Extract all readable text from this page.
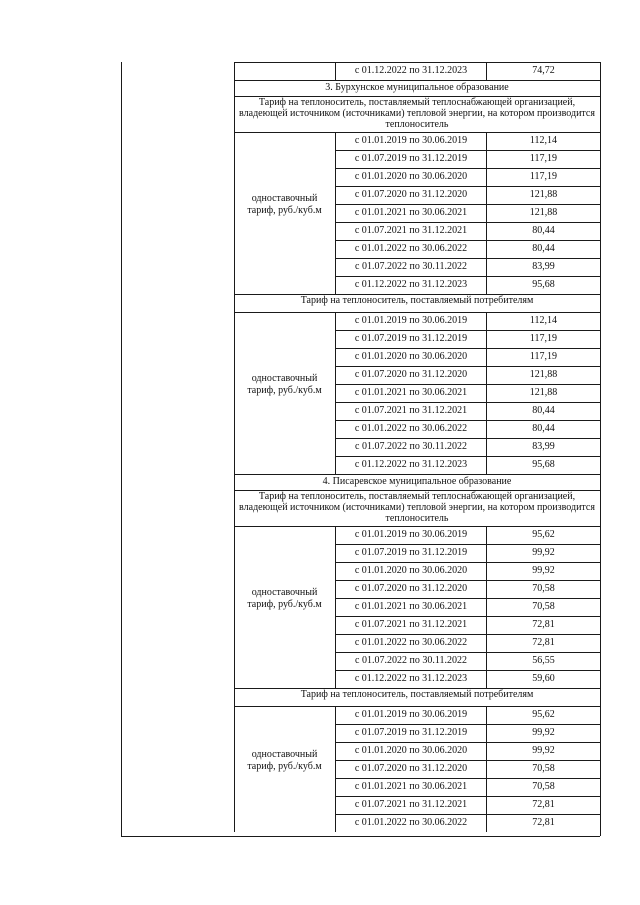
с 01.12.2022 по 31.12.2023	74,72
3. Бурхунское муниципальное образование
Тариф на теплоноситель, поставляемый теплоснабжающей организацией, владеющей источником (источниками) тепловой энергии, на котором производится теплоноситель
с 01.01.2019 по 30.06.2019	112,14
с 01.07.2019 по 31.12.2019	117,19
с 01.01.2020 по 30.06.2020	117,19
с 01.07.2020 по 31.12.2020	121,88
с 01.01.2021 по 30.06.2021	121,88
с 01.07.2021 по 31.12.2021	80,44
с 01.01.2022 по 30.06.2022	80,44
с 01.07.2022 по 30.11.2022	83,99
с 01.12.2022 по 31.12.2023	95,68
одноставочный тариф, руб./куб.м
Тариф на теплоноситель, поставляемый потребителям
с 01.01.2019 по 30.06.2019	112,14
с 01.07.2019 по 31.12.2019	117,19
с 01.01.2020 по 30.06.2020	117,19
с 01.07.2020 по 31.12.2020	121,88
с 01.01.2021 по 30.06.2021	121,88
с 01.07.2021 по 31.12.2021	80,44
с 01.01.2022 по 30.06.2022	80,44
с 01.07.2022 по 30.11.2022	83,99
с 01.12.2022 по 31.12.2023	95,68
одноставочный тариф, руб./куб.м
4. Писаревское муниципальное образование
Тариф на теплоноситель, поставляемый теплоснабжающей организацией, владеющей источником (источниками) тепловой энергии, на котором производится теплоноситель
с 01.01.2019 по 30.06.2019	95,62
с 01.07.2019 по 31.12.2019	99,92
с 01.01.2020 по 30.06.2020	99,92
с 01.07.2020 по 31.12.2020	70,58
с 01.01.2021 по 30.06.2021	70,58
с 01.07.2021 по 31.12.2021	72,81
с 01.01.2022 по 30.06.2022	72,81
с 01.07.2022 по 30.11.2022	56,55
с 01.12.2022 по 31.12.2023	59,60
одноставочный тариф, руб./куб.м
Тариф на теплоноситель, поставляемый потребителям
с 01.01.2019 по 30.06.2019	95,62
с 01.07.2019 по 31.12.2019	99,92
с 01.01.2020 по 30.06.2020	99,92
с 01.07.2020 по 31.12.2020	70,58
с 01.01.2021 по 30.06.2021	70,58
с 01.07.2021 по 31.12.2021	72,81
с 01.01.2022 по 30.06.2022	72,81
одноставочный тариф, руб./куб.м
